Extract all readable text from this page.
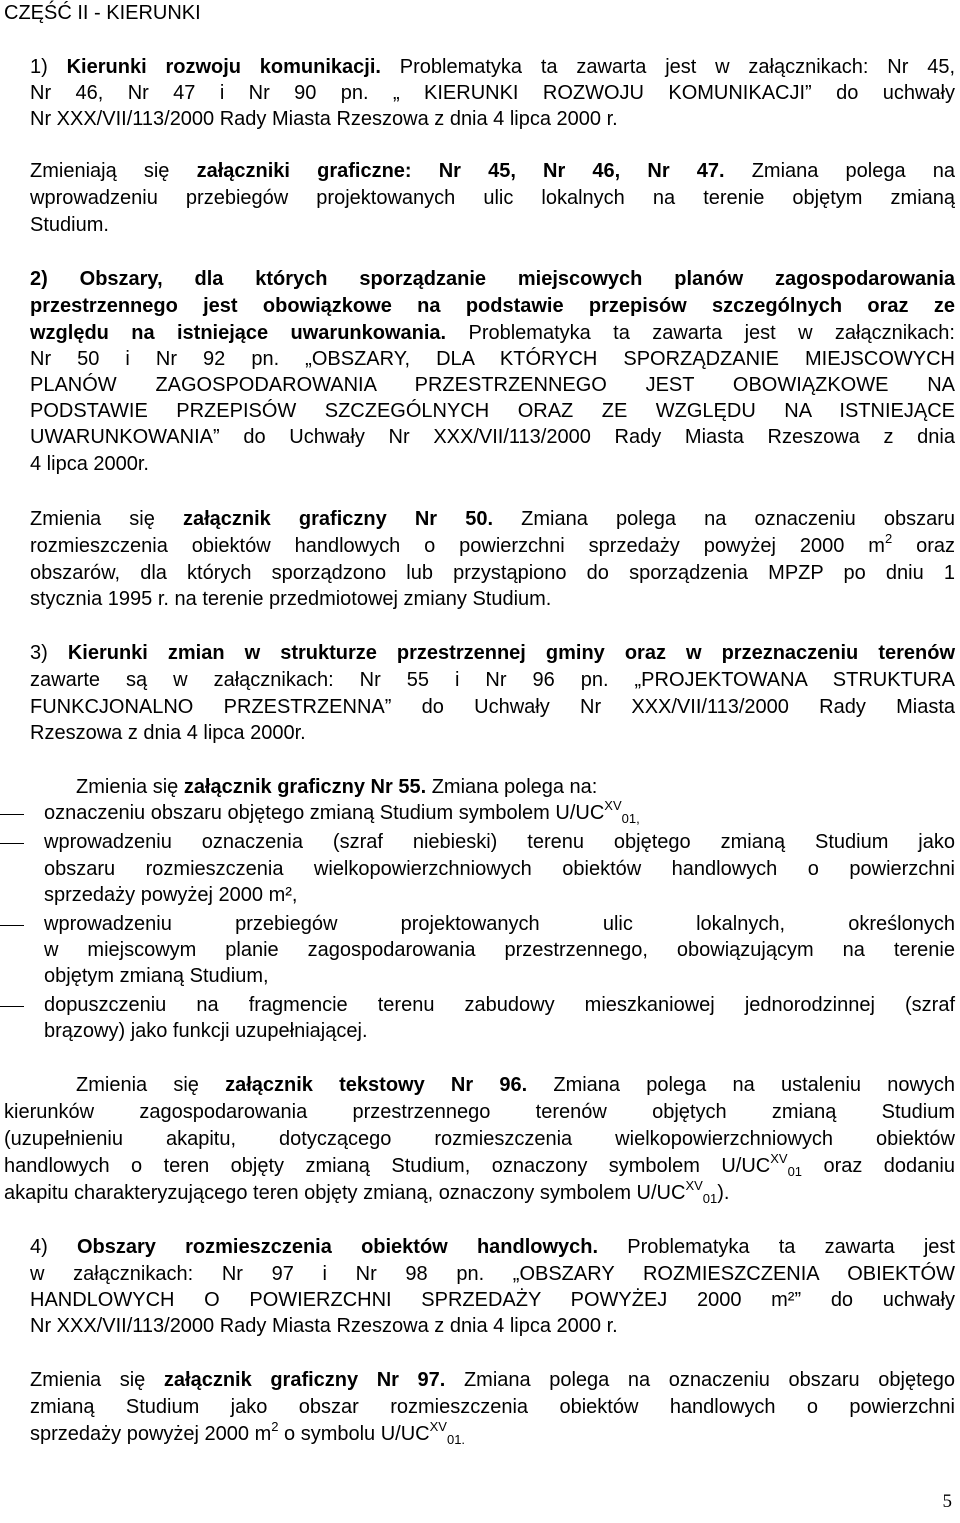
CZĘŚĆ II - KIERUNKI
1) Kierunki rozwoju komunikacji. Problematyka ta zawarta jest w załącznikach: Nr 45,
Nr 46, Nr 47 i Nr 90 pn. „ KIERUNKI ROZWOJU KOMUNIKACJI” do uchwały
Nr XXX/VII/113/2000 Rady Miasta Rzeszowa z dnia 4 lipca 2000 r.
Zmieniają się załączniki graficzne: Nr 45, Nr 46, Nr 47. Zmiana polega na
wprowadzeniu przebiegów projektowanych ulic lokalnych na terenie objętym zmianą
Studium.
2) Obszary, dla których sporządzanie miejscowych planów zagospodarowania
przestrzennego jest obowiązkowe na podstawie przepisów szczególnych oraz ze
względu na istniejące uwarunkowania. Problematyka ta zawarta jest w załącznikach:
Nr 50 i Nr 92 pn. „OBSZARY, DLA KTÓRYCH SPORZĄDZANIE MIEJSCOWYCH
PLANÓW ZAGOSPODAROWANIA PRZESTRZENNEGO JEST OBOWIĄZKOWE NA
PODSTAWIE PRZEPISÓW SZCZEGÓLNYCH ORAZ ZE WZGLĘDU NA ISTNIEJĄCE
UWARUNKOWANIA” do Uchwały Nr XXX/VII/113/2000 Rady Miasta Rzeszowa z dnia
4 lipca 2000r.
Zmienia się załącznik graficzny Nr 50. Zmiana polega na oznaczeniu obszaru
rozmieszczenia obiektów handlowych o powierzchni sprzedaży powyżej 2000 $m^2$ oraz
obszarów, dla których sporządzono lub przystąpiono do sporządzenia MPZP po dniu 1
stycznia 1995 r. na terenie przedmiotowej zmiany Studium.
3) Kierunki zmian w strukturze przestrzennej gminy oraz w przeznaczeniu terenów
zawarte są w załącznikach: Nr 55 i Nr 96 pn. „PROJEKTOWANA STRUKTURA
FUNKCJONALNO PRZESTRZENNA” do Uchwały Nr XXX/VII/113/2000 Rady Miasta
Rzeszowa z dnia 4 lipca 2000r.
Zmienia się załącznik graficzny Nr 55. Zmiana polega na:
oznaczeniu obszaru objętego zmianą Studium symbolem $U/UC^{XV}_{01,}$
wprowadzeniu oznaczenia (szraf niebieski) terenu objętego zmianą Studium jako
obszaru rozmieszczenia wielkopowierzchniowych obiektów handlowych o powierzchni
sprzedaży powyżej 2000 m²,
wprowadzeniu przebiegów projektowanych ulic lokalnych, określonych
w miejscowym planie zagospodarowania przestrzennego, obowiązującym na terenie
objętym zmianą Studium,
dopuszczeniu na fragmencie terenu zabudowy mieszkaniowej jednorodzinnej (szraf
brązowy) jako funkcji uzupełniającej.
Zmienia się załącznik tekstowy Nr 96. Zmiana polega na ustaleniu nowych
kierunków zagospodarowania przestrzennego terenów objętych zmianą Studium
(uzupełnieniu akapitu, dotyczącego rozmieszczenia wielkopowierzchniowych obiektów
handlowych o teren objęty zmianą Studium, oznaczony symbolem $U/UC^{XV}_{01}$ oraz dodaniu
akapitu charakteryzującego teren objęty zmianą, oznaczony symbolem $U/UC^{XV}_{01}$).
4) Obszary rozmieszczenia obiektów handlowych. Problematyka ta zawarta jest
w załącznikach: Nr 97 i Nr 98 pn. „OBSZARY ROZMIESZCZENIA OBIEKTÓW
HANDLOWYCH O POWIERZCHNI SPRZEDAŻY POWYŻEJ 2000 m²” do uchwały
Nr XXX/VII/113/2000 Rady Miasta Rzeszowa z dnia 4 lipca 2000 r.
Zmienia się załącznik graficzny Nr 97. Zmiana polega na oznaczeniu obszaru objętego
zmianą Studium jako obszar rozmieszczenia obiektów handlowych o powierzchni
sprzedaży powyżej 2000 $m^2$ o symbolu $U/UC^{XV}_{01.}$
5
